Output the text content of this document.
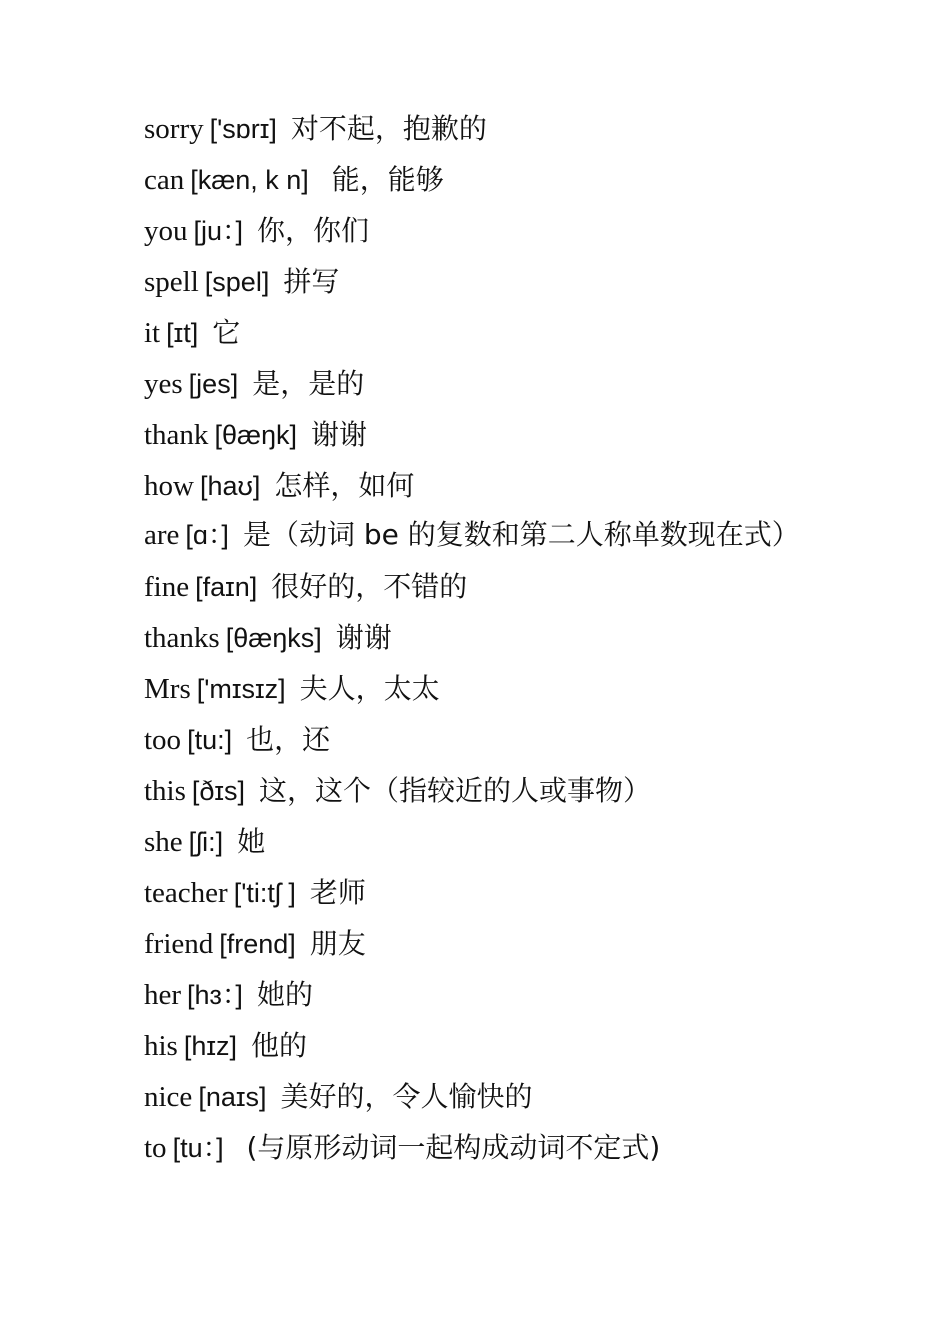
sorry ['sɒrɪ] 对不起，抱歉的
can [kæn, k n] 能，能够
you [ju：] 你，你们
spell [spel] 拼写
it [ɪt] 它
yes [jes] 是，是的
thank [θæŋk] 谢谢
how [haʊ] 怎样，如何
are [ɑ：] 是（动词 be 的复数和第二人称单数现在式）
fine [faɪn] 很好的，不错的
thanks [θæŋks] 谢谢
Mrs ['mɪsɪz] 夫人，太太
too [tu:] 也，还
this [ðɪs] 这，这个（指较近的人或事物）
she [ʃi:] 她
teacher ['ti:tʃ ] 老师
friend [frend] 朋友
her [hɜ：] 她的
his [hɪz] 他的
nice [naɪs] 美好的，令人愉快的
to [tu：] (与原形动词一起构成动词不定式)
